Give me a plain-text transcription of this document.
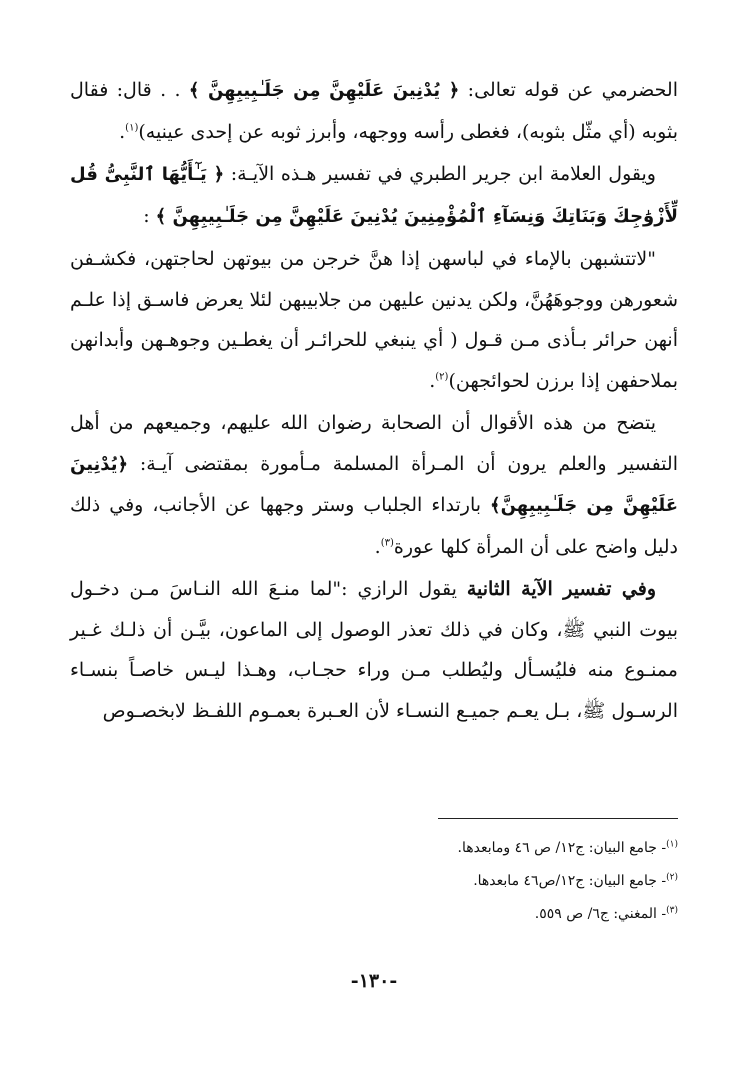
الحضرمي عن قوله تعالى: ﴿ يُدْنِينَ عَلَيْهِنَّ مِن جَلَـٰبِيبِهِنَّ ﴾ . . قال: فقال بثوبه (أي مثّل بثوبه)، فغطى رأسه ووجهه، وأبرز ثوبه عن إحدى عينيه)$^{(١)}$.

ويقول العلامة ابن جرير الطبري في تفسير هـذه الآيـة: ﴿ يَـٰٓأَيُّهَا ٱلنَّبِىُّ قُل لِّأَزْوَٰجِكَ وَبَنَاتِكَ وَنِسَآءِ ٱلْمُؤْمِنِينَ يُدْنِينَ عَلَيْهِنَّ مِن جَلَـٰبِيبِهِنَّ ﴾ :

"لاتتشبهن بالإماء في لباسهن إذا هنَّ خرجن من بيوتهن لحاجتهن، فكشـفن شعورهن ووجوهَهُنَّ، ولكن يدنين عليهن من جلابيبهن لئلا يعرض فاسـق إذا علـم أنهن حرائر بـأذى مـن قـول ( أي ينبغي للحرائـر أن يغطـين وجوهـهن وأبدانهن بملاحفهن إذا برزن لحوائجهن)$^{(٢)}$.

يتضح من هذه الأقوال أن الصحابة رضوان الله عليهم، وجميعهم من أهل التفسير والعلم يرون أن المـرأة المسلمة مـأمورة بمقتضى آيـة: ﴿يُدْنِينَ عَلَيْهِنَّ مِن جَلَـٰبِيبِهِنَّ﴾ بارتداء الجلباب وستر وجهها عن الأجانب، وفي ذلك دليل واضح على أن المرأة كلها عورة$^{(٣)}$.

وفي تفسير الآية الثانية يقول الرازي :"لما منـعَ الله النـاسَ مـن دخـول بيوت النبي ﷺ، وكان في ذلك تعذر الوصول إلى الماعون، بيَّـن أن ذلـك غـير ممنـوع منه فليُسـأل وليُطلب مـن وراء حجـاب، وهـذا ليـس خاصـاً بنسـاء الرسـول ﷺ، بـل يعـم جميـع النسـاء لأن العـبرة بعمـوم اللفـظ لابخصـوص

$^{(١)}$- جامع البيان: ج١٢/ ص ٤٦ ومابعدها.
$^{(٢)}$- جامع البيان: ج١٢/ص٤٦ مابعدها.
$^{(٣)}$- المغني: ج٦/ ص ٥٥٩.
-١٣٠-
